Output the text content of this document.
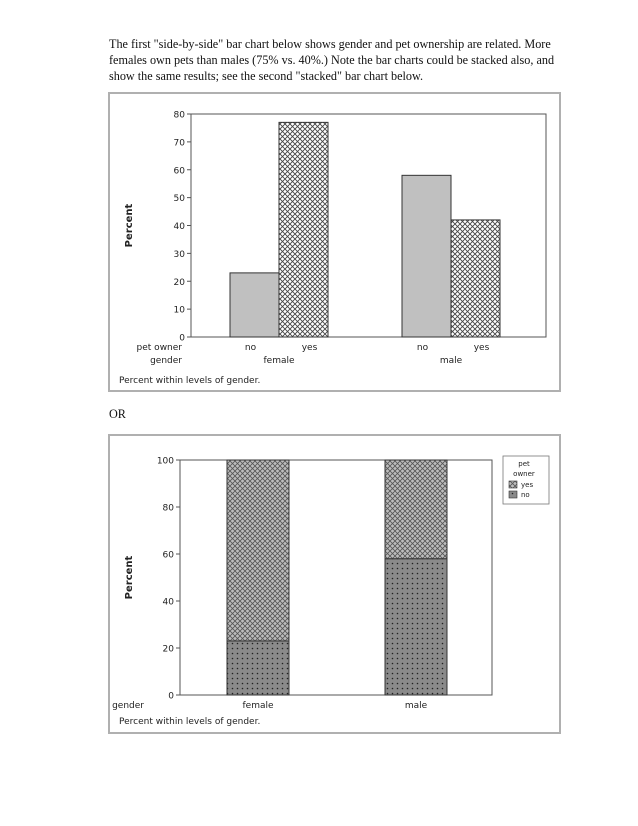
The first "side-by-side" bar chart below shows gender and pet ownership are related. More females own pets than males (75% vs. 40%.) Note the bar charts could be stacked also, and show the same results; see the second "stacked" bar chart below.
0
10
20
30
40
50
60
70
80
Percent
no	yes
female
no	yes
male
pet owner
gender
Percent within levels of gender.
OR
0
20
40
60
80
100
Percent
female	male
gender
Percent within levels of gender.
pet
owner
yes
no
